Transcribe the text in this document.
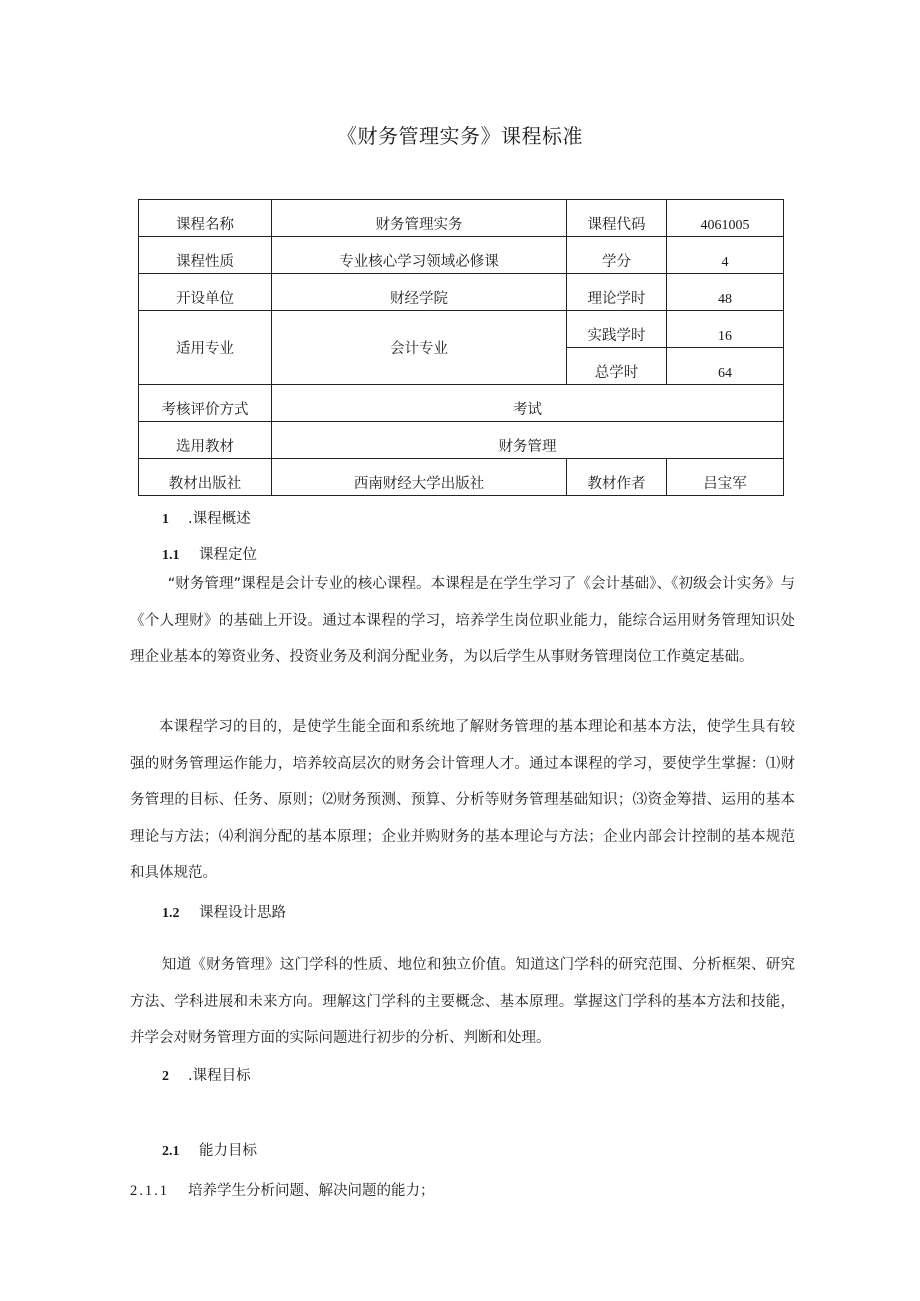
《财务管理实务》课程标准
课程名称	财务管理实务	课程代码	4061005
课程性质	专业核心学习领域必修课	学分	4
开设单位	财经学院	理论学时	48
适用专业	会计专业	实践学时	16
		总学时	64
考核评价方式	考试		
选用教材	财务管理		
教材出版社	西南财经大学出版社	教材作者	吕宝军
1 .课程概述
1.1 课程定位
“财务管理”课程是会计专业的核心课程。本课程是在学生学习了《会计基础》、《初级会计实务》与《个人理财》的基础上开设。通过本课程的学习，培养学生岗位职业能力，能综合运用财务管理知识处理企业基本的筹资业务、投资业务及利润分配业务，为以后学生从事财务管理岗位工作奠定基础。
本课程学习的目的，是使学生能全面和系统地了解财务管理的基本理论和基本方法，使学生具有较强的财务管理运作能力，培养较高层次的财务会计管理人才。通过本课程的学习，要使学生掌握：⑴财务管理的目标、任务、原则；⑵财务预测、预算、分析等财务管理基础知识；⑶资金筹措、运用的基本理论与方法；⑷利润分配的基本原理；企业并购财务的基本理论与方法；企业内部会计控制的基本规范和具体规范。
1.2 课程设计思路
知道《财务管理》这门学科的性质、地位和独立价值。知道这门学科的研究范围、分析框架、研究方法、学科进展和未来方向。理解这门学科的主要概念、基本原理。掌握这门学科的基本方法和技能，并学会对财务管理方面的实际问题进行初步的分析、判断和处理。
2 .课程目标
2.1 能力目标
2.1.1 培养学生分析问题、解决问题的能力；
